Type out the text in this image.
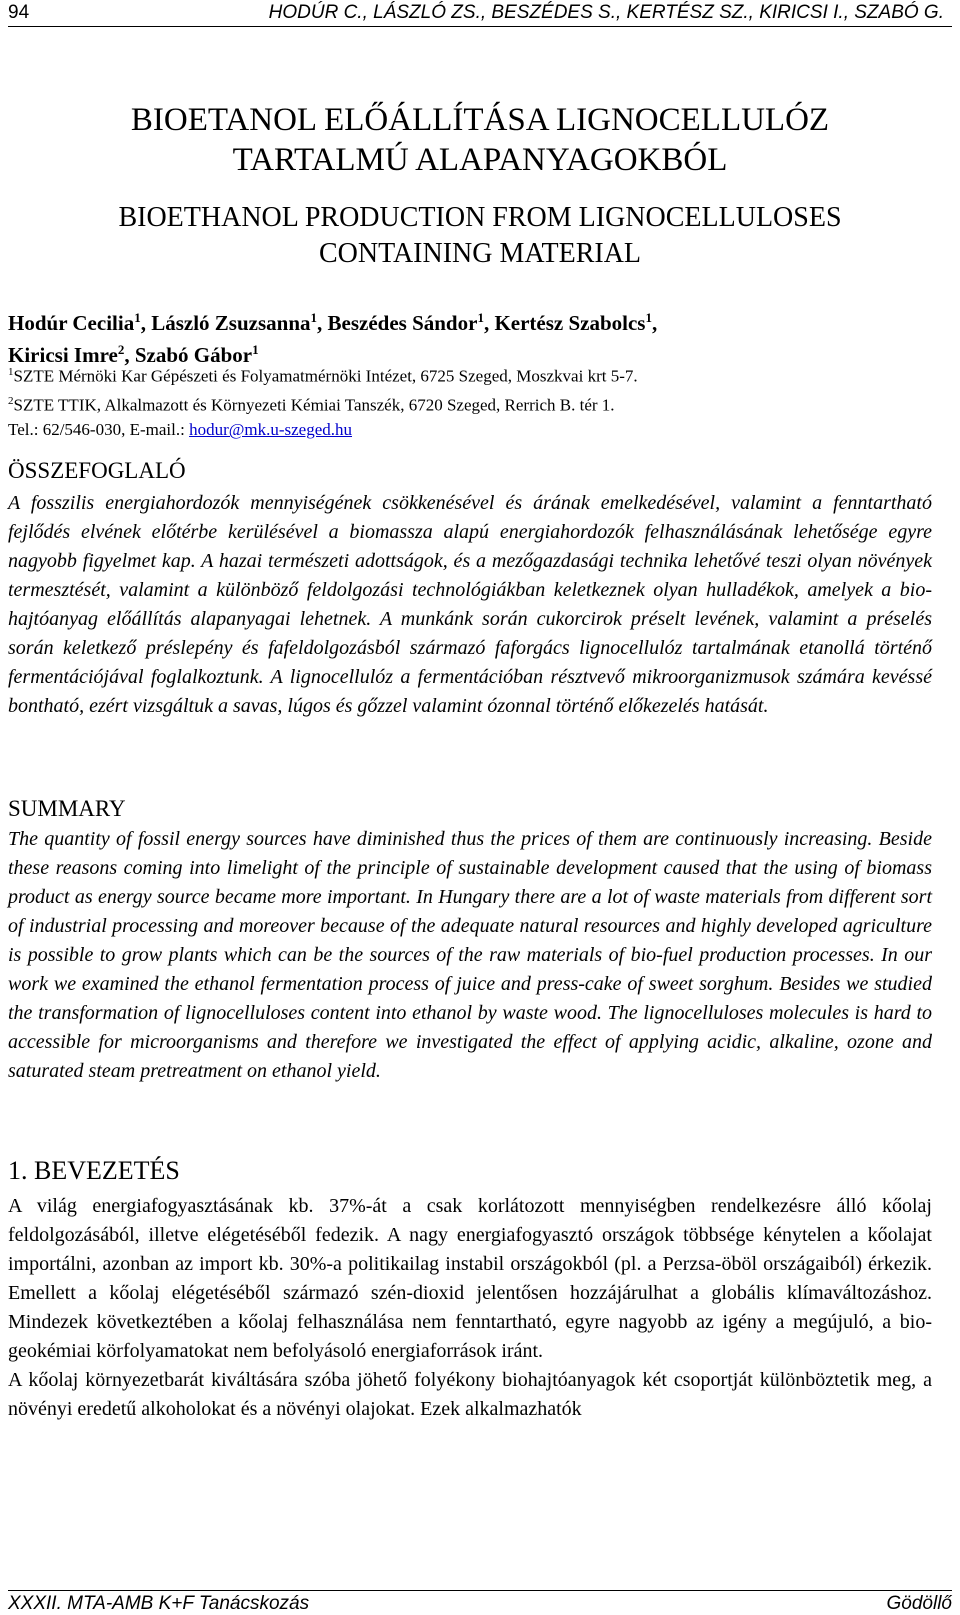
94	HODÚR C., LÁSZLÓ ZS., BESZÉDES S., KERTÉSZ SZ., KIRICSI I., SZABÓ G.
BIOETANOL ELŐÁLLÍTÁSA LIGNOCELLULÓZ
TARTALMÚ ALAPANYAGOKBÓL
BIOETHANOL PRODUCTION FROM LIGNOCELLULOSES
CONTAINING MATERIAL
Hodúr Cecilia$^1$, László Zsuzsanna$^1$, Beszédes Sándor$^1$, Kertész Szabolcs$^1$,
Kiricsi Imre$^2$, Szabó Gábor$^1$
$^1$SZTE Mérnöki Kar Gépészeti és Folyamatmérnöki Intézet, 6725 Szeged, Moszkvai krt 5-7.
$^2$SZTE TTIK, Alkalmazott és Környezeti Kémiai Tanszék, 6720 Szeged, Rerrich B. tér 1.
Tel.: 62/546-030, E-mail.: hodur@mk.u-szeged.hu
ÖSSZEFOGLALÓ
A fosszilis energiahordozók mennyiségének csökkenésével és árának emelkedésével, valamint a fenntartható fejlődés elvének előtérbe kerülésével a biomassza alapú energiahordozók felhasználásának lehetősége egyre nagyobb figyelmet kap. A hazai természeti adottságok, és a mezőgazdasági technika lehetővé teszi olyan növények termesztését, valamint a különböző feldolgozási technológiákban keletkeznek olyan hulladékok, amelyek a bio-hajtóanyag előállítás alapanyagai lehetnek. A munkánk során cukorcirok préselt levének, valamint a préselés során keletkező préslepény és fafeldolgozásból származó faforgács lignocellulóz tartalmának etanollá történő fermentációjával foglalkoztunk. A lignocellulóz a fermentációban résztvevő mikroorganizmusok számára kevéssé bontható, ezért vizsgáltuk a savas, lúgos és gőzzel valamint ózonnal történő előkezelés hatását.
SUMMARY
The quantity of fossil energy sources have diminished thus the prices of them are continuously increasing. Beside these reasons coming into limelight of the principle of sustainable development caused that the using of biomass product as energy source became more important. In Hungary there are a lot of waste materials from different sort of industrial processing and moreover because of the adequate natural resources and highly developed agriculture is possible to grow plants which can be the sources of the raw materials of bio-fuel production processes. In our work we examined the ethanol fermentation process of juice and press-cake of sweet sorghum. Besides we studied the transformation of lignocelluloses content into ethanol by waste wood. The lignocelluloses molecules is hard to accessible for microorganisms and therefore we investigated the effect of applying acidic, alkaline, ozone and saturated steam pretreatment on ethanol yield.
1. BEVEZETÉS

A világ energiafogyasztásának kb. 37%-át a csak korlátozott mennyiségben rendelkezésre álló kőolaj feldolgozásából, illetve elégetéséből fedezik. A nagy energiafogyasztó országok többsége kénytelen a kőolajat importálni, azonban az import kb. 30%-a politikailag instabil országokból (pl. a Perzsa-öböl országaiból) érkezik. Emellett a kőolaj elégetéséből származó szén-dioxid jelentősen hozzájárulhat a globális klímaváltozáshoz. Mindezek következtében a kőolaj felhasználása nem fenntartható, egyre nagyobb az igény a megújuló, a bio-geokémiai körfolyamatokat nem befolyásoló energiaforrások iránt.

A kőolaj környezetbarát kiváltására szóba jöhető folyékony biohajtóanyagok két csoportját különböztetik meg, a növényi eredetű alkoholokat és a növényi olajokat. Ezek alkalmazhatók

XXXII. MTA-AMB K+F Tanácskozás	Gödöllő
